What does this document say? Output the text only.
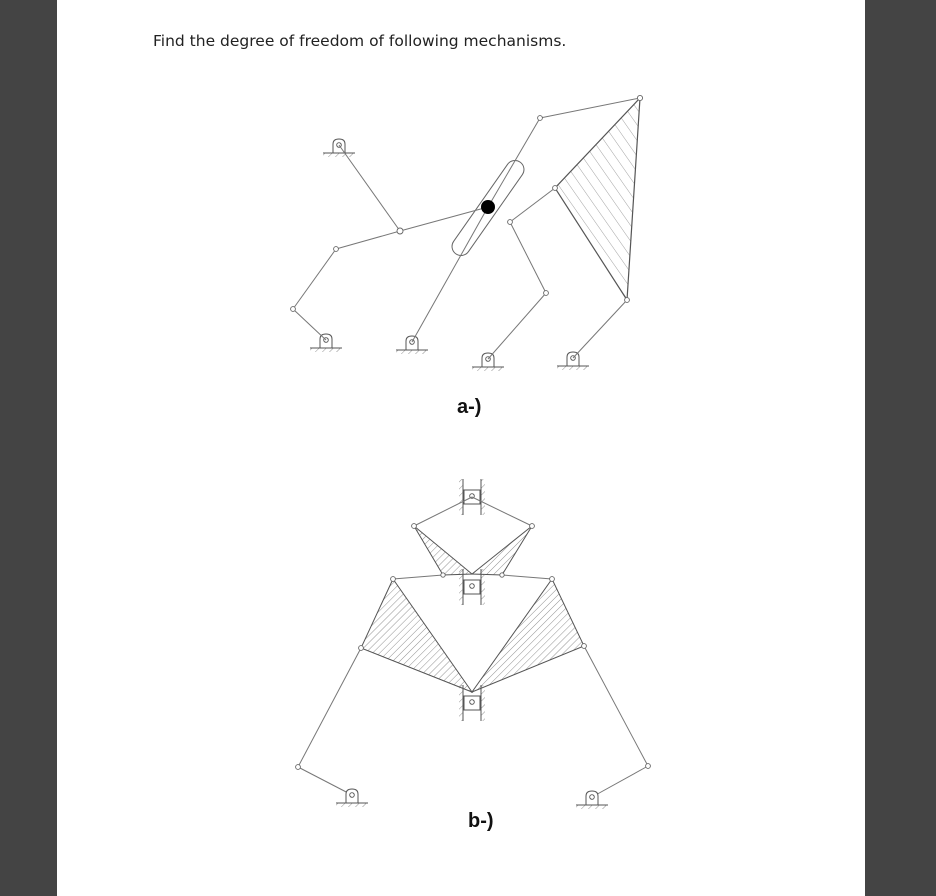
Find the degree of freedom of following mechanisms.
a-)
b-)
